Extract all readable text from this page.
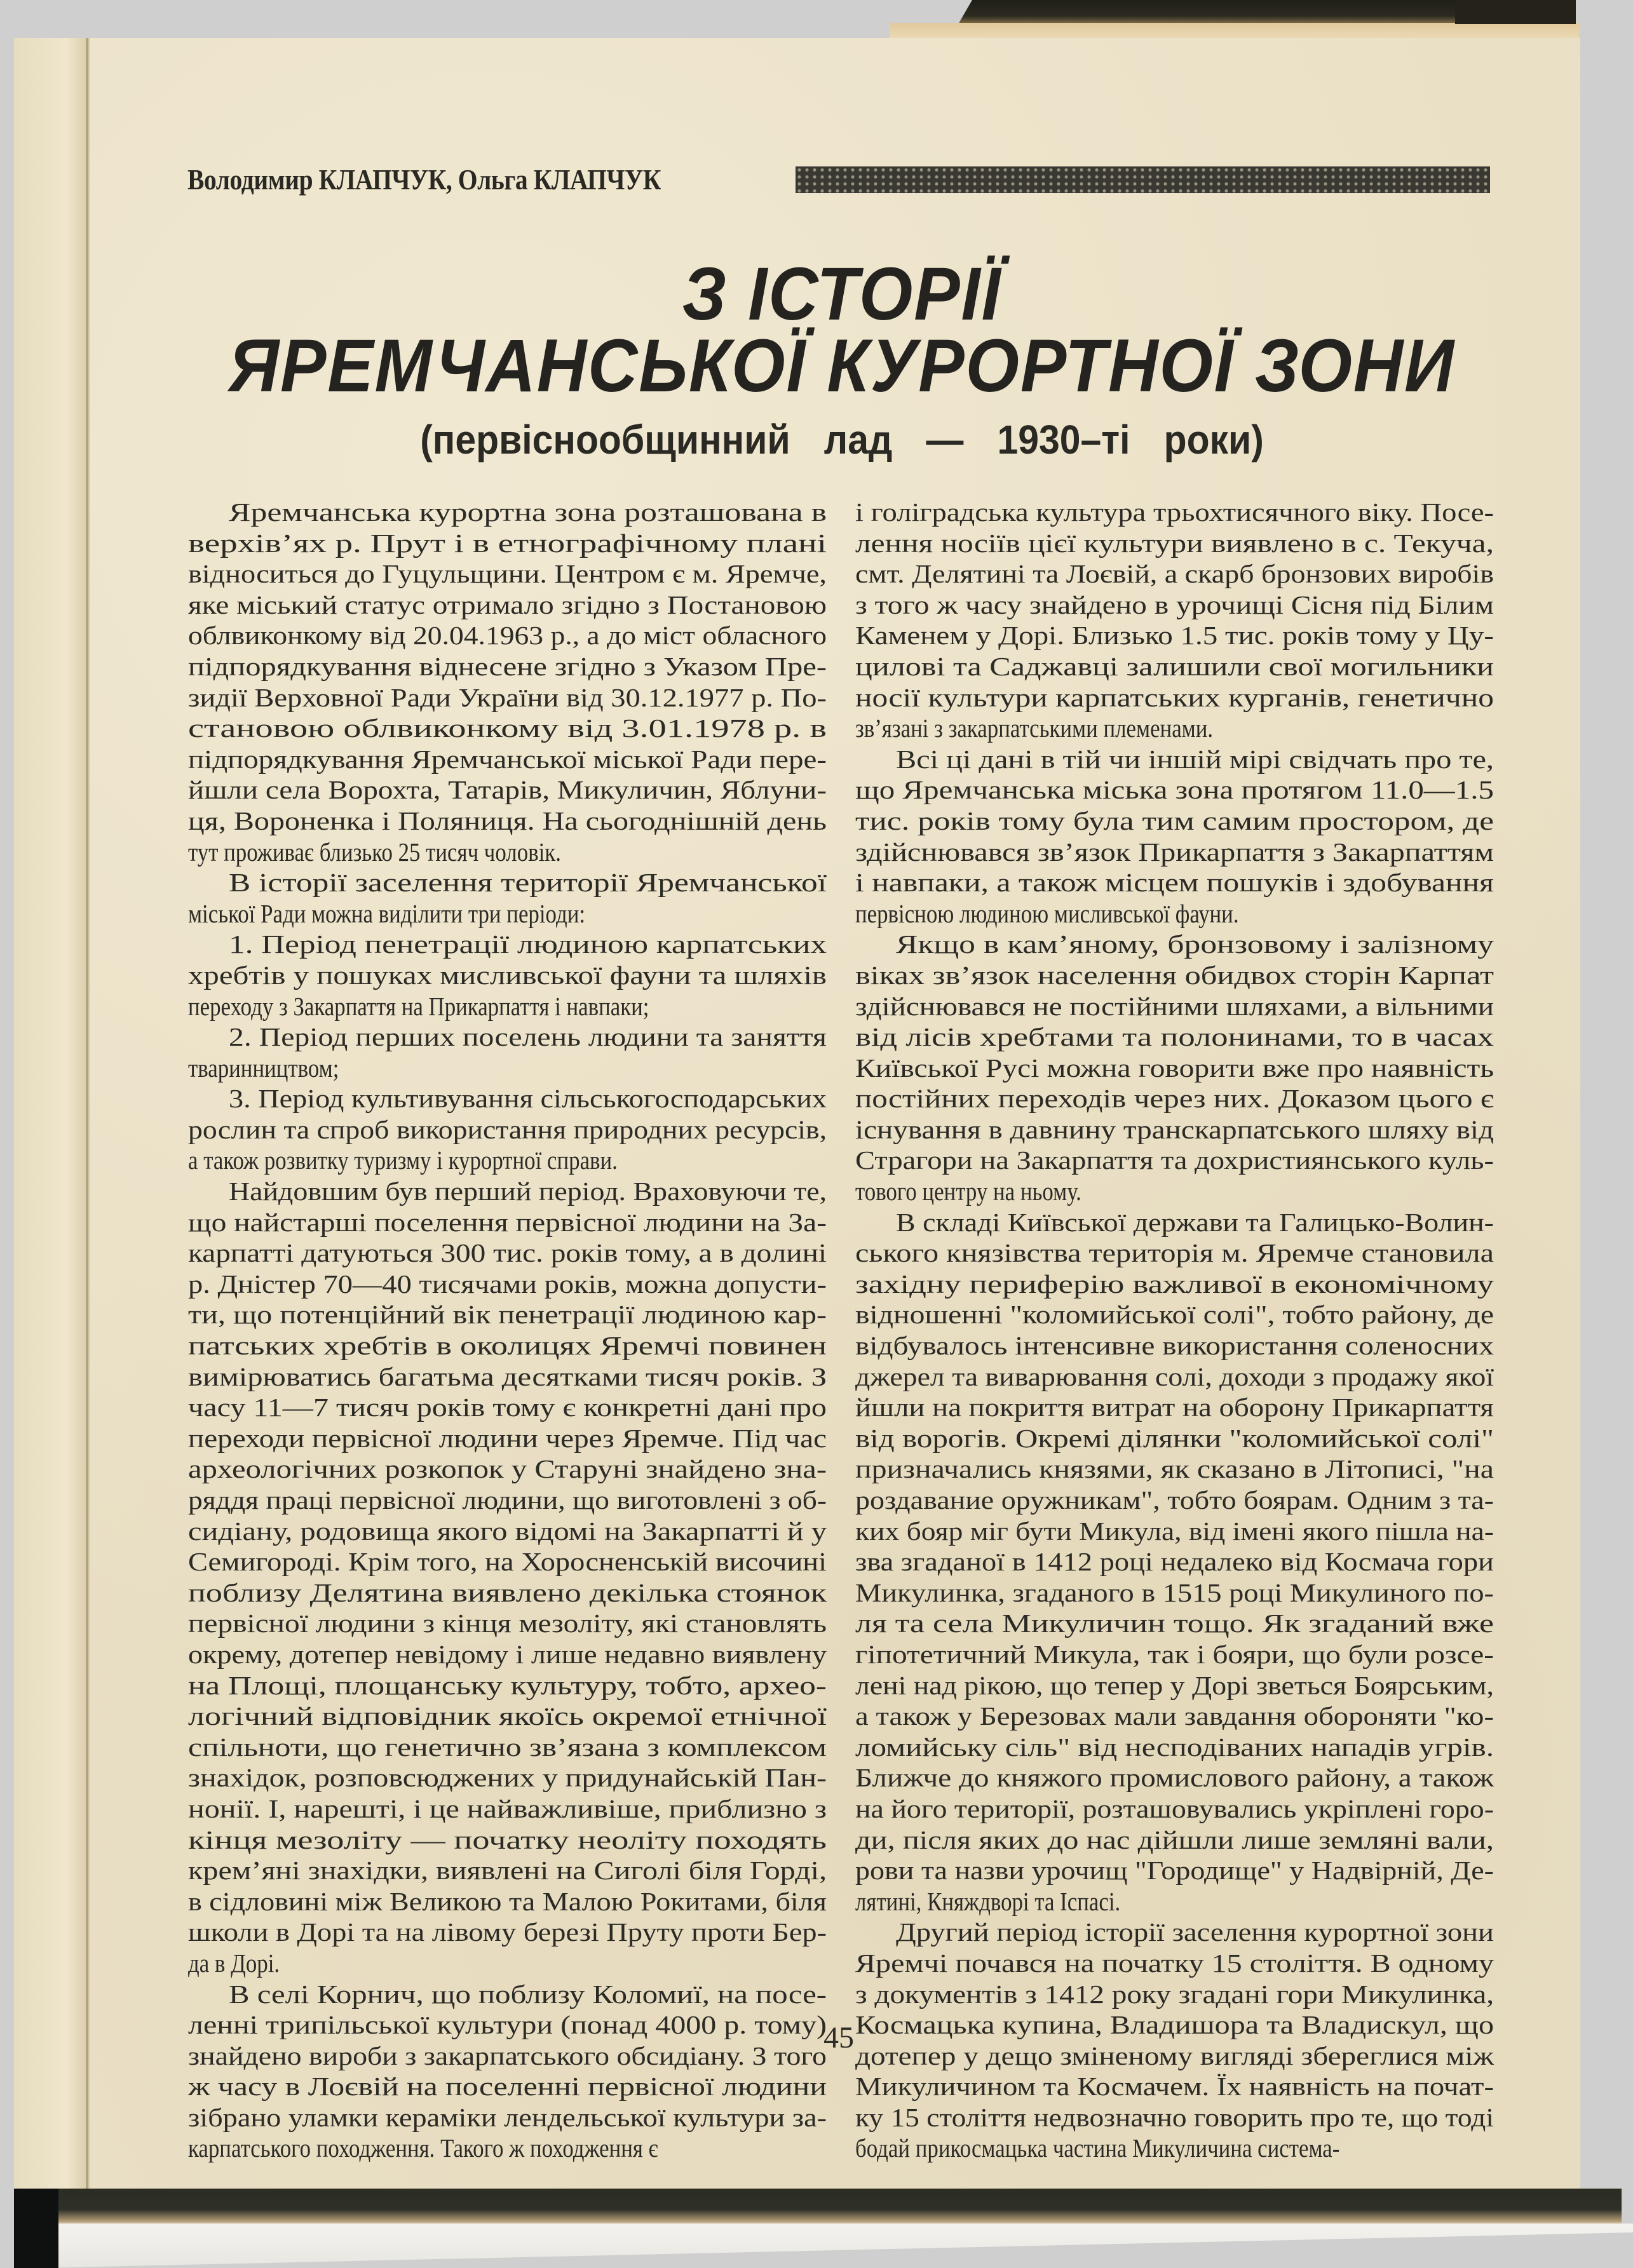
Володимир КЛАПЧУК, Ольга КЛАПЧУК
З ІСТОРІЇ
ЯРЕМЧАНСЬКОЇ КУРОРТНОЇ ЗОНИ
(первіснообщинний лад — 1930–ті роки)
Яремчанська курортна зона розташована в
верхів’ях р. Прут і в етнографічному плані
відноситься до Гуцульщини. Центром є м. Яремче,
яке міський статус отримало згідно з Постановою
облвиконкому від 20.04.1963 р., а до міст обласного
підпорядкування віднесене згідно з Указом Пре-
зидії Верховної Ради України від 30.12.1977 р. По-
становою облвиконкому від 3.01.1978 р. в
підпорядкування Яремчанської міської Ради пере-
йшли села Ворохта, Татарів, Микуличин, Яблуни-
ця, Вороненка і Поляниця. На сьогоднішній день
тут проживає близько 25 тисяч чоловік.
В історії заселення території Яремчанської
міської Ради можна виділити три періоди:
1. Період пенетрації людиною карпатських
хребтів у пошуках мисливської фауни та шляхів
переходу з Закарпаття на Прикарпаття і навпаки;
2. Період перших поселень людини та заняття
тваринництвом;
3. Період культивування сільськогосподарських
рослин та спроб використання природних ресурсів,
а також розвитку туризму і курортної справи.
Найдовшим був перший період. Враховуючи те,
що найстарші поселення первісної людини на За-
карпатті датуються 300 тис. років тому, а в долині
р. Дністер 70—40 тисячами років, можна допусти-
ти, що потенційний вік пенетрації людиною кар-
патських хребтів в околицях Яремчі повинен
вимірюватись багатьма десятками тисяч років. З
часу 11—7 тисяч років тому є конкретні дані про
переходи первісної людини через Яремче. Під час
археологічних розкопок у Старуні знайдено зна-
ряддя праці первісної людини, що виготовлені з об-
сидіану, родовища якого відомі на Закарпатті й у
Семигороді. Крім того, на Хоросненській височині
поблизу Делятина виявлено декілька стоянок
первісної людини з кінця мезоліту, які становлять
окрему, дотепер невідому і лише недавно виявлену
на Площі, площанську культуру, тобто, архео-
логічний відповідник якоїсь окремої етнічної
спільноти, що генетично зв’язана з комплексом
знахідок, розповсюджених у придунайській Пан-
нонії. І, нарешті, і це найважливіше, приблизно з
кінця мезоліту — початку неоліту походять
крем’яні знахідки, виявлені на Сиголі біля Горді,
в сідловині між Великою та Малою Рокитами, біля
школи в Дорі та на лівому березі Пруту проти Бер-
да в Дорі.
В селі Корнич, що поблизу Коломиї, на посе-
ленні трипільської культури (понад 4000 р. тому)
знайдено вироби з закарпатського обсидіану. З того
ж часу в Лоєвій на поселенні первісної людини
зібрано уламки кераміки лендельської культури за-
карпатського походження. Такого ж походження є
і голіградська культура трьохтисячного віку. Посе-
лення носіїв цієї культури виявлено в с. Текуча,
смт. Делятині та Лоєвій, а скарб бронзових виробів
з того ж часу знайдено в урочищі Сісня під Білим
Каменем у Дорі. Близько 1.5 тис. років тому у Цу-
цилові та Саджавці залишили свої могильники
носії культури карпатських курганів, генетично
зв’язані з закарпатськими племенами.
Всі ці дані в тій чи іншій мірі свідчать про те,
що Яремчанська міська зона протягом 11.0—1.5
тис. років тому була тим самим простором, де
здійснювався зв’язок Прикарпаття з Закарпаттям
і навпаки, а також місцем пошуків і здобування
первісною людиною мисливської фауни.
Якщо в кам’яному, бронзовому і залізному
віках зв’язок населення обидвох сторін Карпат
здійснювався не постійними шляхами, а вільними
від лісів хребтами та полонинами, то в часах
Київської Русі можна говорити вже про наявність
постійних переходів через них. Доказом цього є
існування в давнину транскарпатського шляху від
Страгори на Закарпаття та дохристиянського куль-
тового центру на ньому.
В складі Київської держави та Галицько-Волин-
ського князівства територія м. Яремче становила
західну периферію важливої в економічному
відношенні "коломийської солі", тобто району, де
відбувалось інтенсивне використання соленосних
джерел та виварювання солі, доходи з продажу якої
йшли на покриття витрат на оборону Прикарпаття
від ворогів. Окремі ділянки "коломийської солі"
призначались князями, як сказано в Літописі, "на
роздавание оружникам", тобто боярам. Одним з та-
ких бояр міг бути Микула, від імені якого пішла на-
зва згаданої в 1412 році недалеко від Космача гори
Микулинка, згаданого в 1515 році Микулиного по-
ля та села Микуличин тощо. Як згаданий вже
гіпотетичний Микула, так і бояри, що були розсе-
лені над рікою, що тепер у Дорі зветься Боярським,
а також у Березовах мали завдання обороняти "ко-
ломийську сіль" від несподіваних нападів угрів.
Ближче до княжого промислового району, а також
на його території, розташовувались укріплені горо-
ди, після яких до нас дійшли лише земляні вали,
рови та назви урочищ "Городище" у Надвірній, Де-
лятині, Княждворі та Іспасі.
Другий період історії заселення курортної зони
Яремчі почався на початку 15 століття. В одному
з документів з 1412 року згадані гори Микулинка,
Космацька купина, Владишора та Владискул, що
дотепер у дещо зміненому вигляді збереглися між
Микуличином та Космачем. Їх наявність на почат-
ку 15 століття недвозначно говорить про те, що тоді
бодай прикосмацька частина Микуличина система-
45
